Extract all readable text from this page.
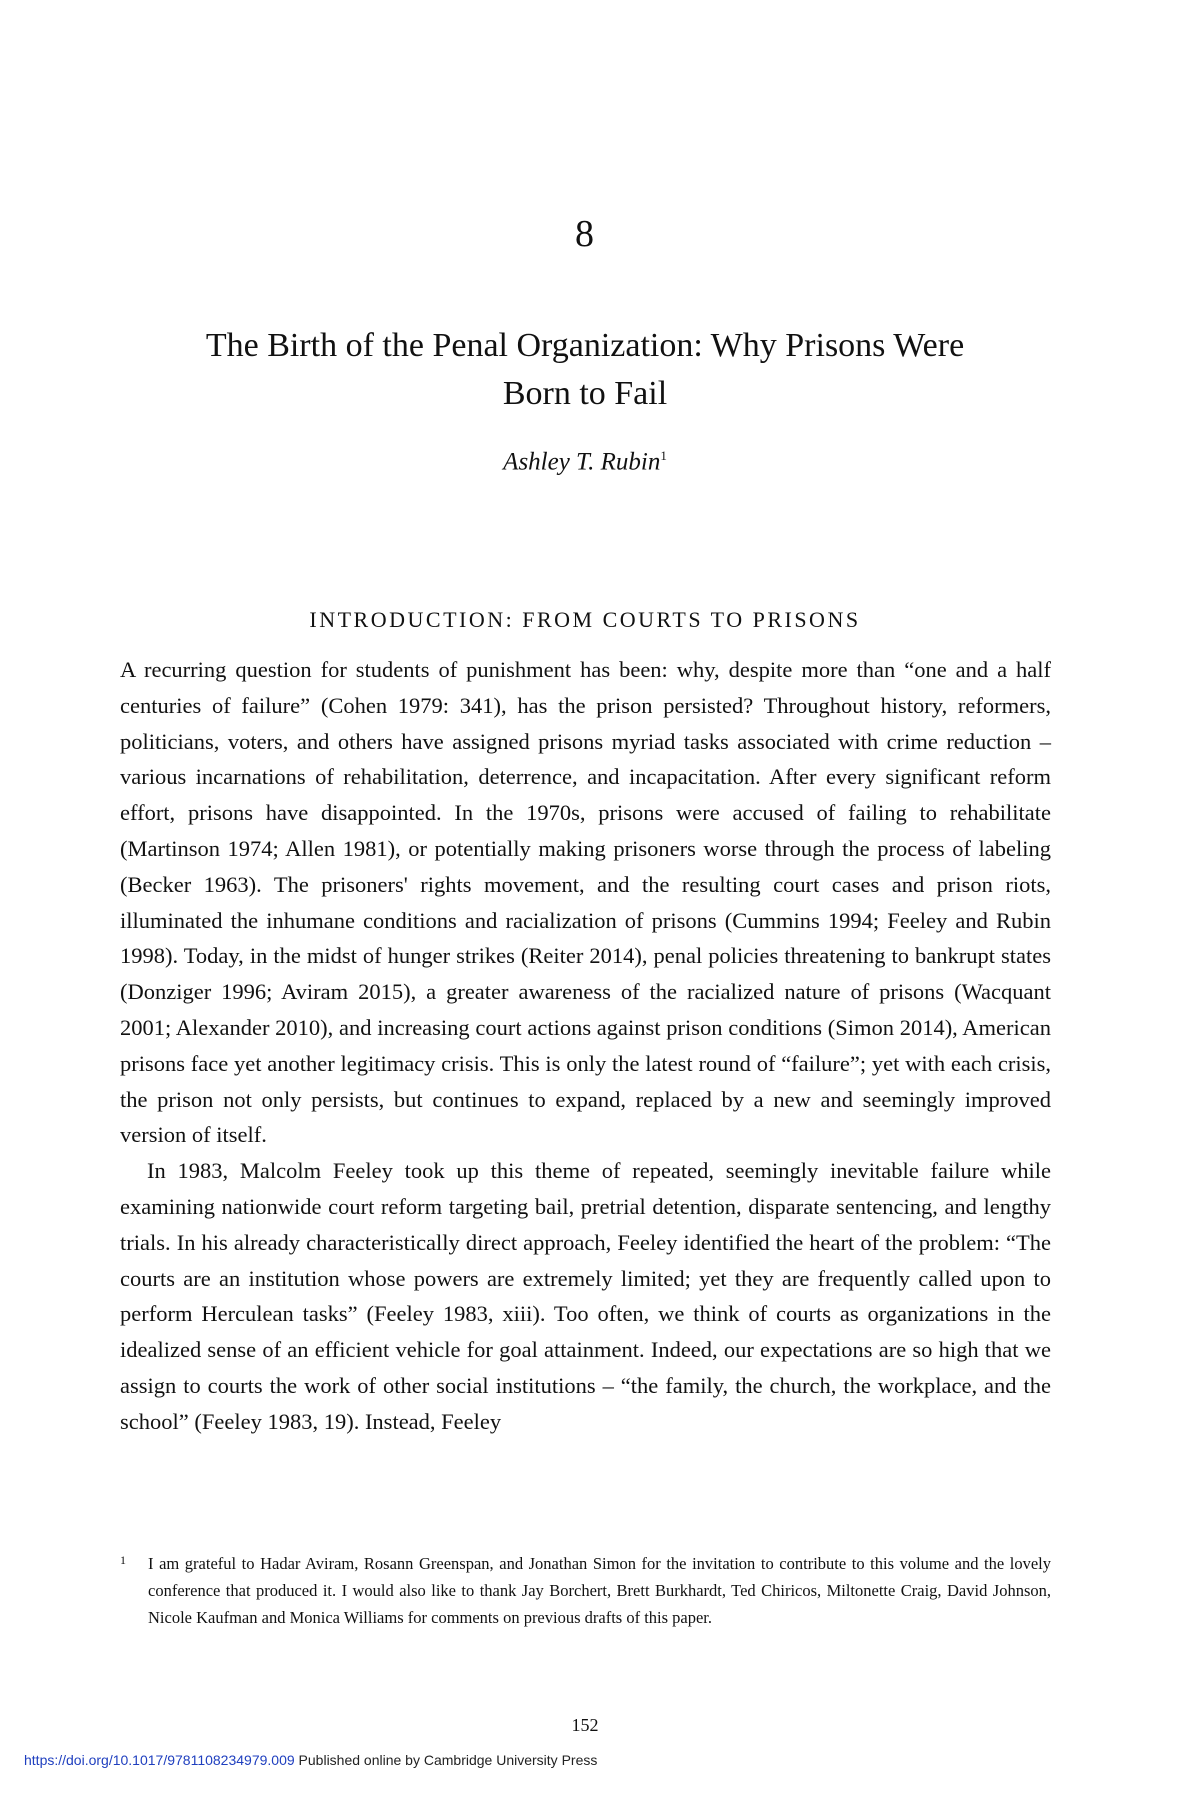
8
The Birth of the Penal Organization: Why Prisons Were Born to Fail
Ashley T. Rubin$^1$
INTRODUCTION: FROM COURTS TO PRISONS

A recurring question for students of punishment has been: why, despite more than “one and a half centuries of failure” (Cohen 1979: 341), has the prison persisted? Throughout history, reformers, politicians, voters, and others have assigned prisons myriad tasks associated with crime reduction – various incarnations of rehabilitation, deterrence, and incapacitation. After every significant reform effort, prisons have disappointed. In the 1970s, prisons were accused of failing to rehabilitate (Martinson 1974; Allen 1981), or potentially making prisoners worse through the process of labeling (Becker 1963). The prisoners' rights movement, and the resulting court cases and prison riots, illuminated the inhumane conditions and racialization of prisons (Cummins 1994; Feeley and Rubin 1998). Today, in the midst of hunger strikes (Reiter 2014), penal policies threatening to bankrupt states (Donziger 1996; Aviram 2015), a greater awareness of the racialized nature of prisons (Wacquant 2001; Alexander 2010), and increasing court actions against prison conditions (Simon 2014), American prisons face yet another legitimacy crisis. This is only the latest round of “failure”; yet with each crisis, the prison not only persists, but continues to expand, replaced by a new and seemingly improved version of itself.

In 1983, Malcolm Feeley took up this theme of repeated, seemingly inevitable failure while examining nationwide court reform targeting bail, pretrial detention, disparate sentencing, and lengthy trials. In his already characteristically direct approach, Feeley identified the heart of the problem: “The courts are an institution whose powers are extremely limited; yet they are frequently called upon to perform Herculean tasks” (Feeley 1983, xiii). Too often, we think of courts as organizations in the idealized sense of an efficient vehicle for goal attainment. Indeed, our expectations are so high that we assign to courts the work of other social institutions – “the family, the church, the workplace, and the school” (Feeley 1983, 19). Instead, Feeley

1	I am grateful to Hadar Aviram, Rosann Greenspan, and Jonathan Simon for the invitation to contribute to this volume and the lovely conference that produced it. I would also like to thank Jay Borchert, Brett Burkhardt, Ted Chiricos, Miltonette Craig, David Johnson, Nicole Kaufman and Monica Williams for comments on previous drafts of this paper.
152
https://doi.org/10.1017/9781108234979.009 Published online by Cambridge University Press
